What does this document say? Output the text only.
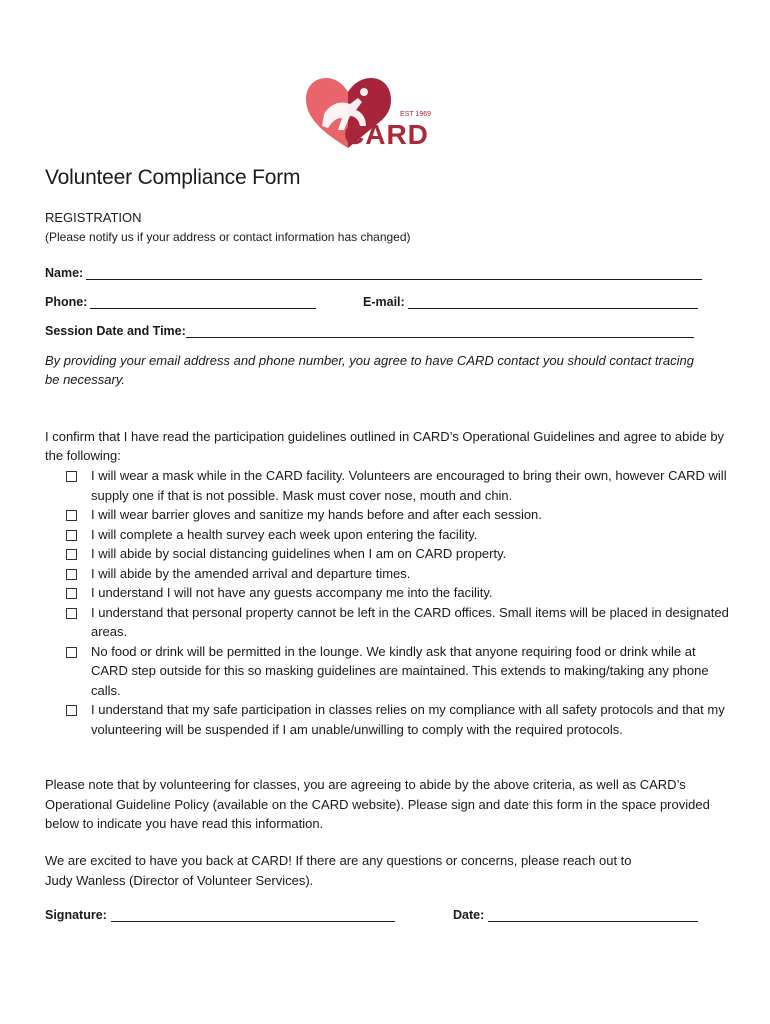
EST 1969
CARD
Volunteer Compliance Form
REGISTRATION
(Please notify us if your address or contact information has changed)
Name:
Phone:	E-mail:
Session Date and Time:
By providing your email address and phone number, you agree to have CARD contact you should contact tracing be necessary.
I confirm that I have read the participation guidelines outlined in CARD’s Operational Guidelines and agree to abide by the following:
I will wear a mask while in the CARD facility. Volunteers are encouraged to bring their own, however CARD will supply one if that is not possible. Mask must cover nose, mouth and chin.
I will wear barrier gloves and sanitize my hands before and after each session.
I will complete a health survey each week upon entering the facility.
I will abide by social distancing guidelines when I am on CARD property.
I will abide by the amended arrival and departure times.
I understand I will not have any guests accompany me into the facility.
I understand that personal property cannot be left in the CARD offices. Small items will be placed in designated areas.
No food or drink will be permitted in the lounge. We kindly ask that anyone requiring food or drink while at CARD step outside for this so masking guidelines are maintained. This extends to making/taking any phone calls.
I understand that my safe participation in classes relies on my compliance with all safety protocols and that my volunteering will be suspended if I am unable/unwilling to comply with the required protocols.
Please note that by volunteering for classes, you are agreeing to abide by the above criteria, as well as CARD’s Operational Guideline Policy (available on the CARD website). Please sign and date this form in the space provided below to indicate you have read this information.
We are excited to have you back at CARD! If there are any questions or concerns, please reach out to
Judy Wanless (Director of Volunteer Services).
Signature:	Date:
